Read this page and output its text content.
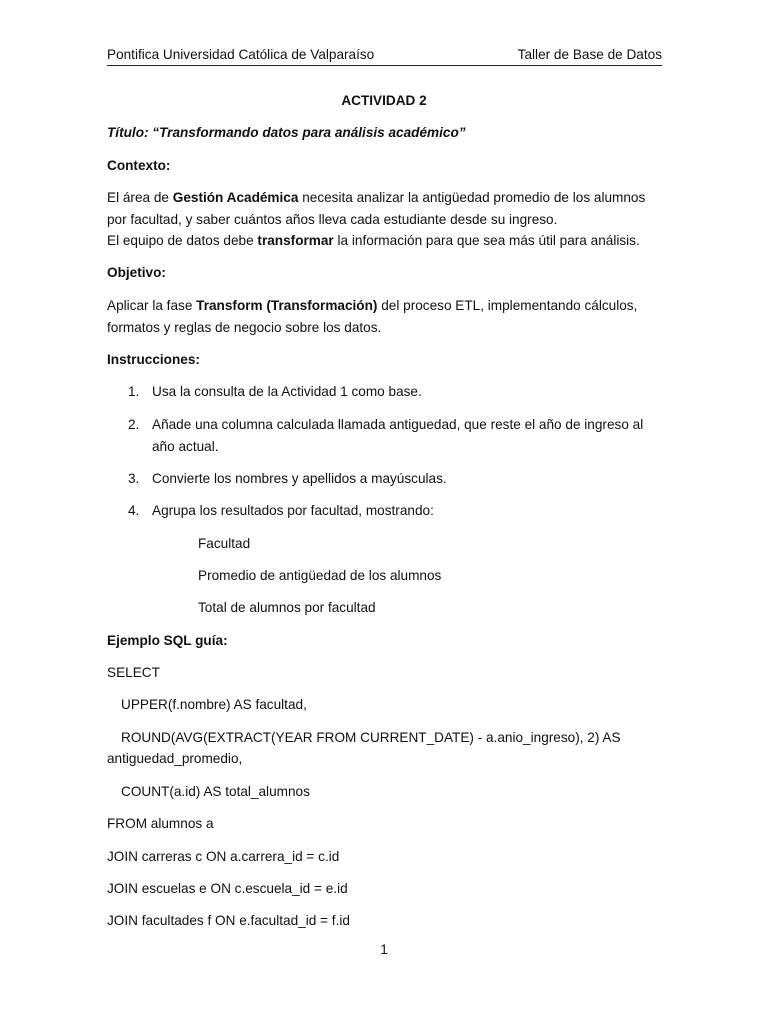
Pontifica Universidad Católica de Valparaíso	Taller de Base de Datos
ACTIVIDAD 2
Título: “Transformando datos para análisis académico”
Contexto:
El área de Gestión Académica necesita analizar la antigüedad promedio de los alumnos
por facultad, y saber cuántos años lleva cada estudiante desde su ingreso.
El equipo de datos debe transformar la información para que sea más útil para análisis.
Objetivo:
Aplicar la fase Transform (Transformación) del proceso ETL, implementando cálculos,
formatos y reglas de negocio sobre los datos.
Instrucciones:
1. Usa la consulta de la Actividad 1 como base.
2. Añade una columna calculada llamada antiguedad, que reste el año de ingreso al
año actual.
3. Convierte los nombres y apellidos a mayúsculas.
4. Agrupa los resultados por facultad, mostrando:
Facultad
Promedio de antigüedad de los alumnos
Total de alumnos por facultad
Ejemplo SQL guía:
SELECT
UPPER(f.nombre) AS facultad,
ROUND(AVG(EXTRACT(YEAR FROM CURRENT_DATE) - a.anio_ingreso), 2) AS
antiguedad_promedio,
COUNT(a.id) AS total_alumnos
FROM alumnos a
JOIN carreras c ON a.carrera_id = c.id
JOIN escuelas e ON c.escuela_id = e.id
JOIN facultades f ON e.facultad_id = f.id
1
